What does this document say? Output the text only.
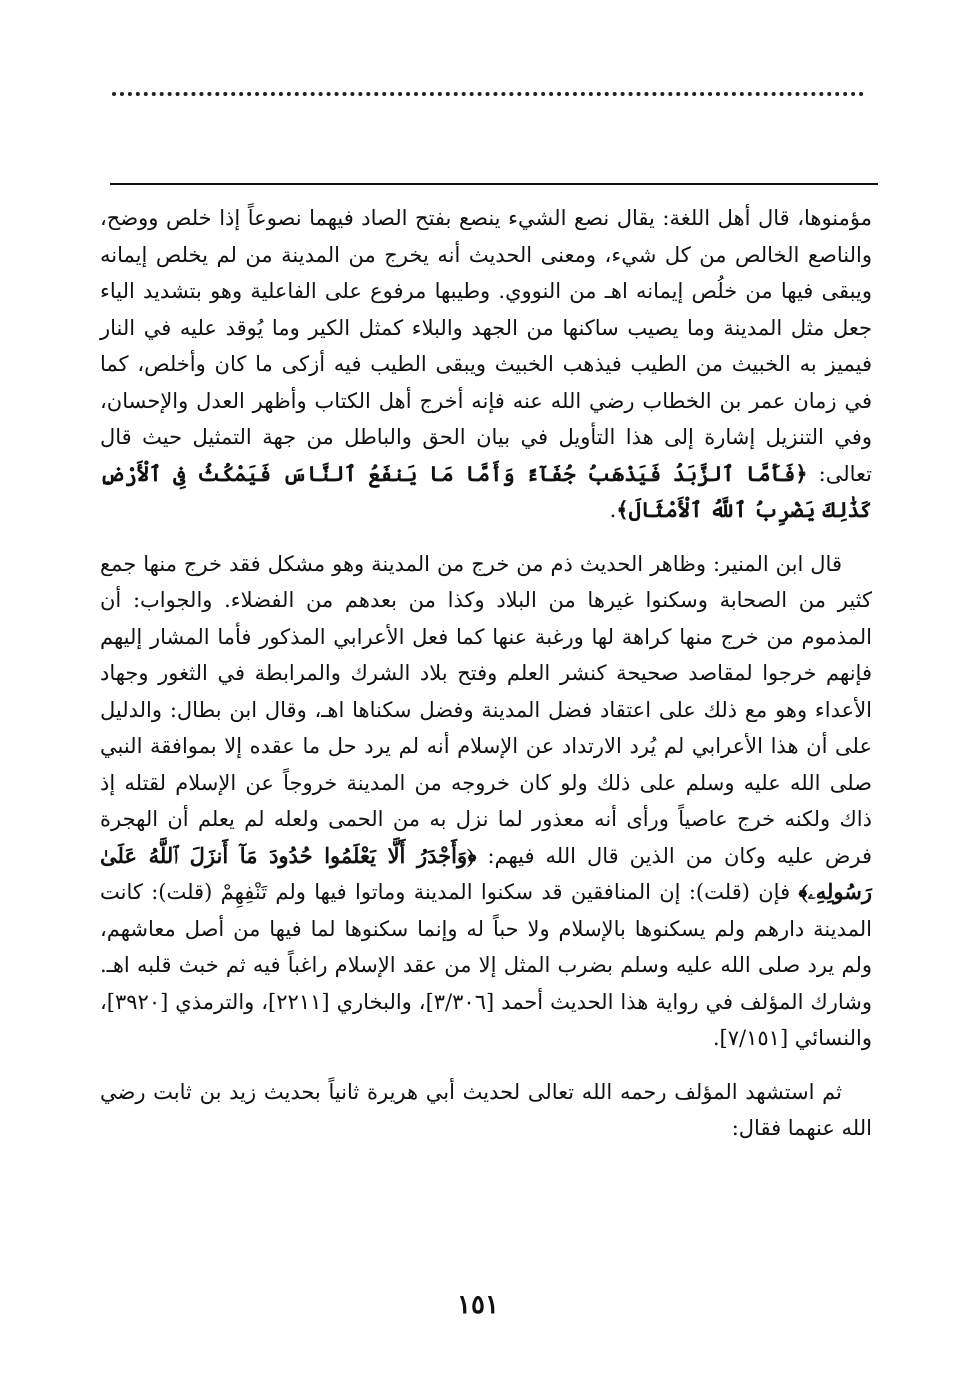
مؤمنوها، قال أهل اللغة: يقال نصع الشيء ينصع بفتح الصاد فيهما نصوعاً إذا خلص ووضح، والناصع الخالص من كل شيء، ومعنى الحديث أنه يخرج من المدينة من لم يخلص إيمانه ويبقى فيها من خلُص إيمانه اهـ من النووي. وطيبها مرفوع على الفاعلية وهو بتشديد الياء جعل مثل المدينة وما يصيب ساكنها من الجهد والبلاء كمثل الكير وما يُوقد عليه في النار فيميز به الخبيث من الطيب فيذهب الخبيث ويبقى الطيب فيه أزكى ما كان وأخلص، كما في زمان عمر بن الخطاب رضي الله عنه فإنه أخرج أهل الكتاب وأظهر العدل والإحسان، وفي التنزيل إشارة إلى هذا التأويل في بيان الحق والباطل من جهة التمثيل حيث قال تعالى: ﴿فَأَمَّا ٱلزَّبَدُ فَيَذْهَبُ جُفَآءً وَأَمَّا مَا يَنفَعُ ٱلنَّاسَ فَيَمْكُثُ فِى ٱلْأَرْضِ كَذَٰلِكَ يَضْرِبُ ٱللَّهُ ٱلْأَمْثَالَ﴾.

قال ابن المنير: وظاهر الحديث ذم من خرج من المدينة وهو مشكل فقد خرج منها جمع كثير من الصحابة وسكنوا غيرها من البلاد وكذا من بعدهم من الفضلاء. والجواب: أن المذموم من خرج منها كراهة لها ورغبة عنها كما فعل الأعرابي المذكور فأما المشار إليهم فإنهم خرجوا لمقاصد صحيحة كنشر العلم وفتح بلاد الشرك والمرابطة في الثغور وجهاد الأعداء وهو مع ذلك على اعتقاد فضل المدينة وفضل سكناها اهـ، وقال ابن بطال: والدليل على أن هذا الأعرابي لم يُرد الارتداد عن الإسلام أنه لم يرد حل ما عقده إلا بموافقة النبي صلى الله عليه وسلم على ذلك ولو كان خروجه من المدينة خروجاً عن الإسلام لقتله إذ ذاك ولكنه خرج عاصياً ورأى أنه معذور لما نزل به من الحمى ولعله لم يعلم أن الهجرة فرض عليه وكان من الذين قال الله فيهم: ﴿وَأَجْدَرُ أَلَّا يَعْلَمُوا حُدُودَ مَآ أَنزَلَ ٱللَّهُ عَلَىٰ رَسُولِهِۦ﴾ فإن (قلت): إن المنافقين قد سكنوا المدينة وماتوا فيها ولم تَنْفِهِمْ (قلت): كانت المدينة دارهم ولم يسكنوها بالإسلام ولا حباً له وإنما سكنوها لما فيها من أصل معاشهم، ولم يرد صلى الله عليه وسلم بضرب المثل إلا من عقد الإسلام راغباً فيه ثم خبث قلبه اهـ. وشارك المؤلف في رواية هذا الحديث أحمد [٣/٣٠٦]، والبخاري [٢٢١١]، والترمذي [٣٩٢٠]، والنسائي [٧/١٥١].

ثم استشهد المؤلف رحمه الله تعالى لحديث أبي هريرة ثانياً بحديث زيد بن ثابت رضي الله عنهما فقال:

١٥١
